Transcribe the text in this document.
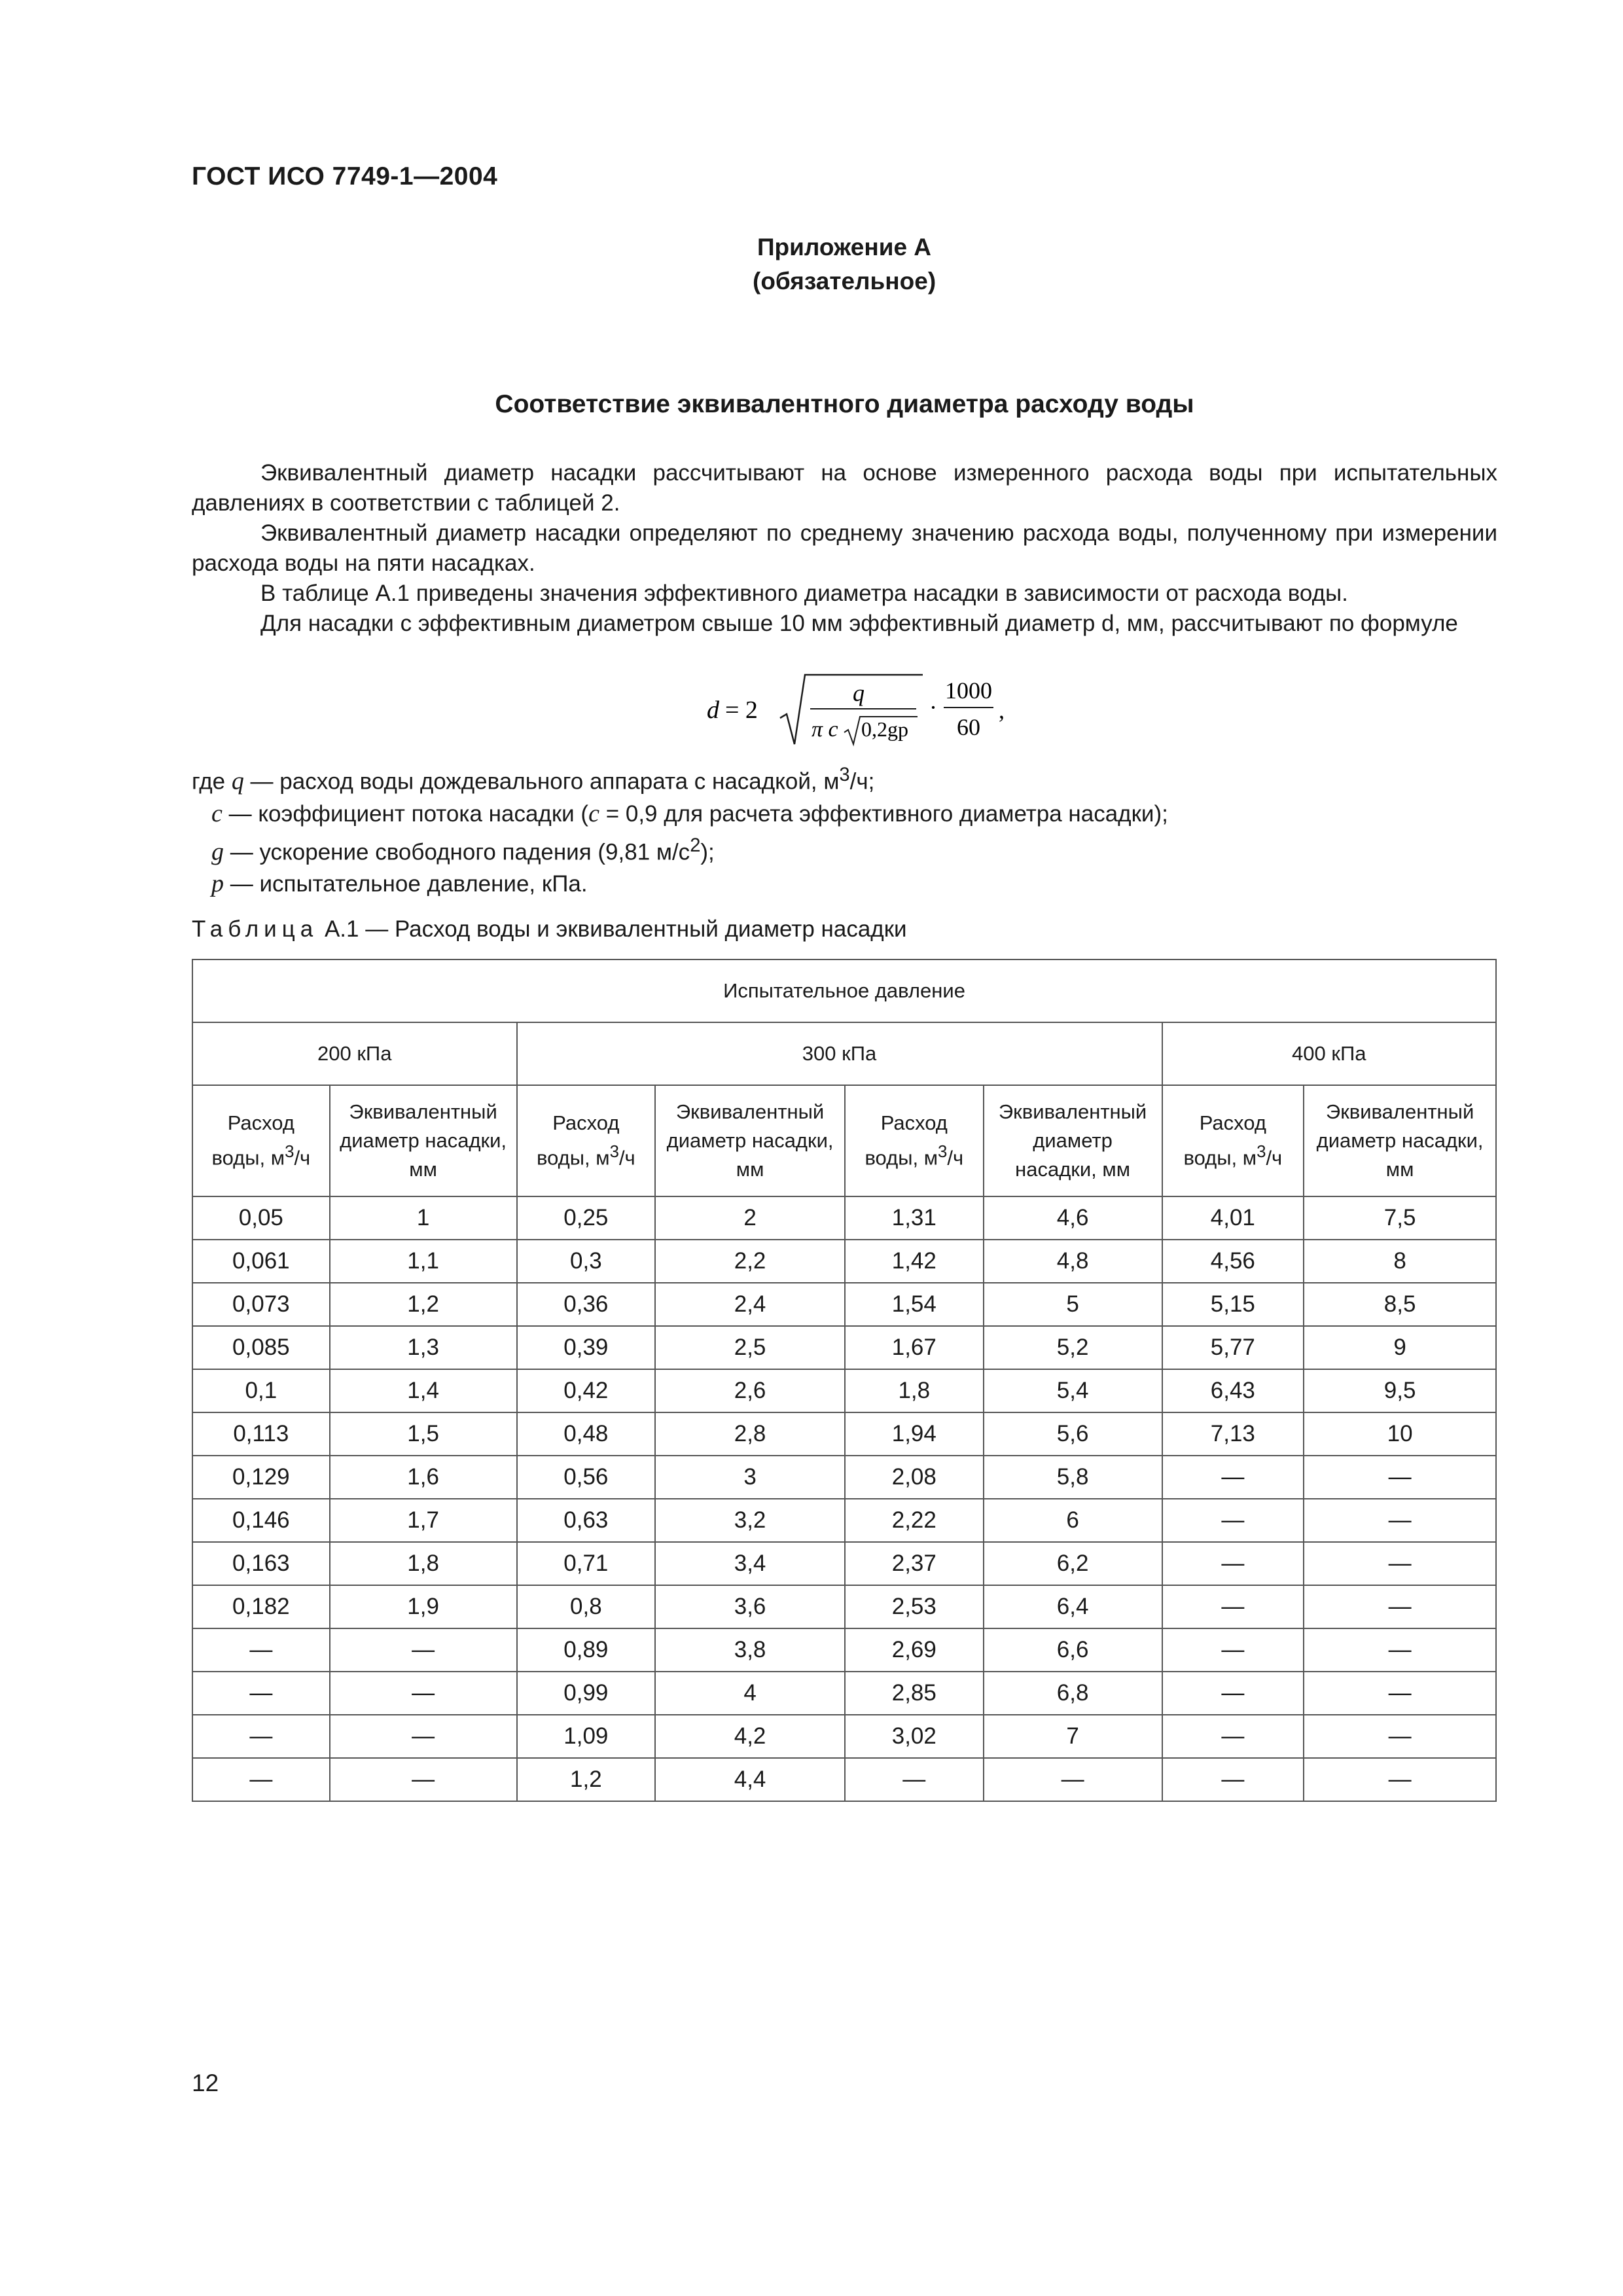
ГОСТ ИСО 7749-1—2004
Приложение А
(обязательное)
Соответствие эквивалентного диаметра расходу воды

Эквивалентный диаметр насадки рассчитывают на основе измеренного расхода воды при испытательных давлениях в соответствии с таблицей 2.

Эквивалентный диаметр насадки определяют по среднему значению расхода воды, полученному при измерении расхода воды на пяти насадках.

В таблице А.1 приведены значения эффективного диаметра насадки в зависимости от расхода воды.

Для насадки с эффективным диаметром свыше 10 мм эффективный диаметр d, мм, рассчитывают по формуле

d = 2
q
π c 0,2gp
·
1000
60
,
где q — расход воды дождевального аппарата с насадкой, $м^3/ч$;
c — коэффициент потока насадки (c = 0,9 для расчета эффективного диаметра насадки);
g — ускорение свободного падения (9,81 $м/с^2$);
p — испытательное давление, кПа.
Таблица А.1 — Расход воды и эквивалентный диаметр насадки
Испытательное давление							
200 кПа		300 кПа				400 кПа	
Расход воды, $м^3/ч$	Эквивалентный диаметр насадки, мм	Расход воды, $м^3/ч$	Эквивалентный диаметр насадки, мм	Расход воды, $м^3/ч$	Эквивалентный диаметр насадки, мм	Расход воды, $м^3/ч$	Эквивалентный диаметр насадки, мм
0,05	1	0,25	2	1,31	4,6	4,01	7,5
0,061	1,1	0,3	2,2	1,42	4,8	4,56	8
0,073	1,2	0,36	2,4	1,54	5	5,15	8,5
0,085	1,3	0,39	2,5	1,67	5,2	5,77	9
0,1	1,4	0,42	2,6	1,8	5,4	6,43	9,5
0,113	1,5	0,48	2,8	1,94	5,6	7,13	10
0,129	1,6	0,56	3	2,08	5,8	—	—
0,146	1,7	0,63	3,2	2,22	6	—	—
0,163	1,8	0,71	3,4	2,37	6,2	—	—
0,182	1,9	0,8	3,6	2,53	6,4	—	—
—	—	0,89	3,8	2,69	6,6	—	—
—	—	0,99	4	2,85	6,8	—	—
—	—	1,09	4,2	3,02	7	—	—
—	—	1,2	4,4	—	—	—	—
12
